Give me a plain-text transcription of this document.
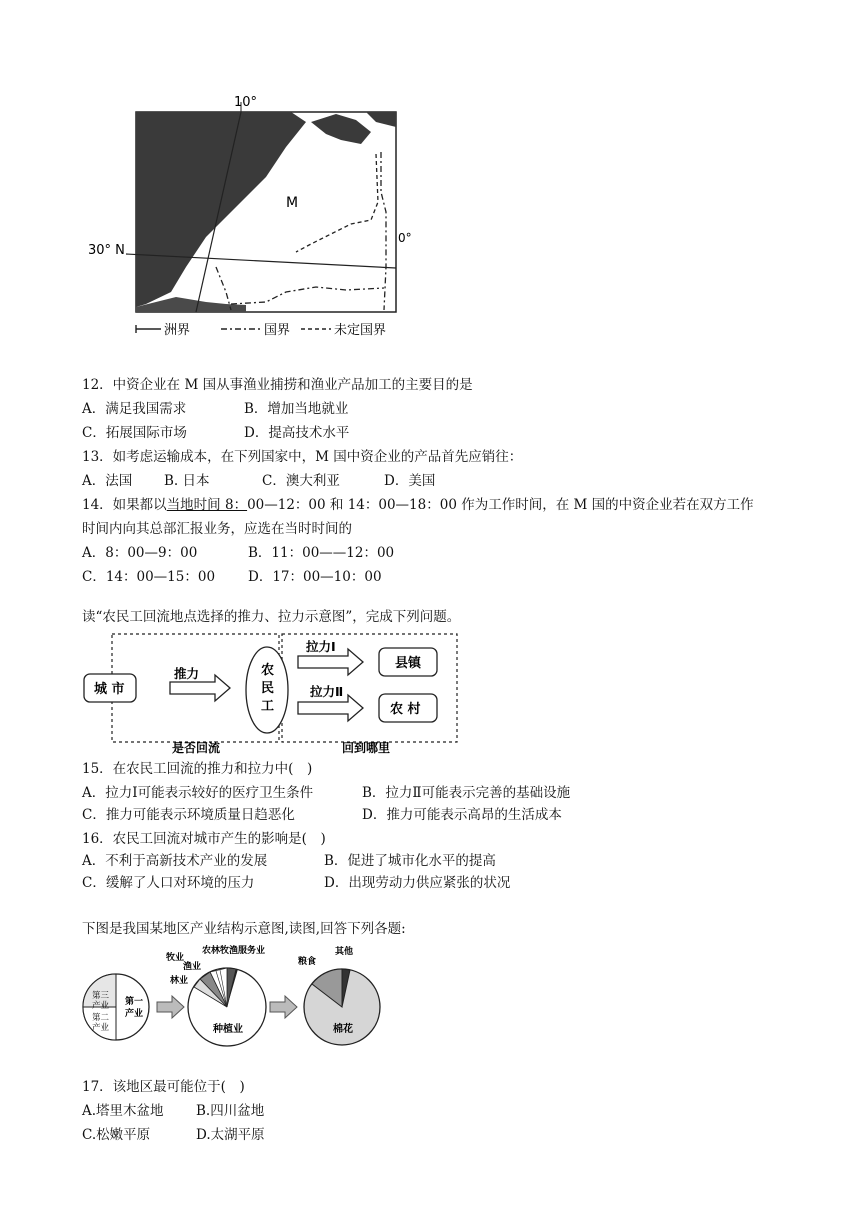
10°
30° N
0°
M
洲界	国界	未定国界
12．中资企业在 M 国从事渔业捕捞和渔业产品加工的主要目的是
A．满足我国需求	B．增加当地就业
C．拓展国际市场	D．提高技术水平
13．如考虑运输成本，在下列国家中，M 国中资企业的产品首先应销往：
A．法国 B. 日本	C．澳大利亚	D．美国
14．如果都以当地时间 8：00—12：00 和 14：00—18：00 作为工作时间，在 M 国的中资企业若在双方工作
时间内向其总部汇报业务，应选在当时时间的
A．8：00—9：00	B．11：00——12：00
C．14：00—15：00 D．17：00—10：00
读“农民工回流地点选择的推力、拉力示意图”，完成下列问题。
城 市
推力	农
民
工
拉力Ⅰ
拉力Ⅱ
县镇
农 村
是否回流	回到哪里
15．在农民工回流的推力和拉力中(　)
A．拉力Ⅰ可能表示较好的医疗卫生条件	B．拉力Ⅱ可能表示完善的基础设施
C．推力可能表示环境质量日趋恶化	D．推力可能表示高昂的生活成本
16．农民工回流对城市产生的影响是(　)
A．不利于高新技术产业的发展	B．促进了城市化水平的提高
C．缓解了人口对环境的压力	D．出现劳动力供应紧张的状况
下图是我国某地区产业结构示意图,读图,回答下列各题:
第三
产业
第二
产业
第一
产业
牧业
渔业
林业
农林牧渔服务业
种植业
粮食
其他
棉花
17．该地区最可能位于(　)
A.塔里木盆地 B.四川盆地
C.松嫩平原	D.太湖平原
